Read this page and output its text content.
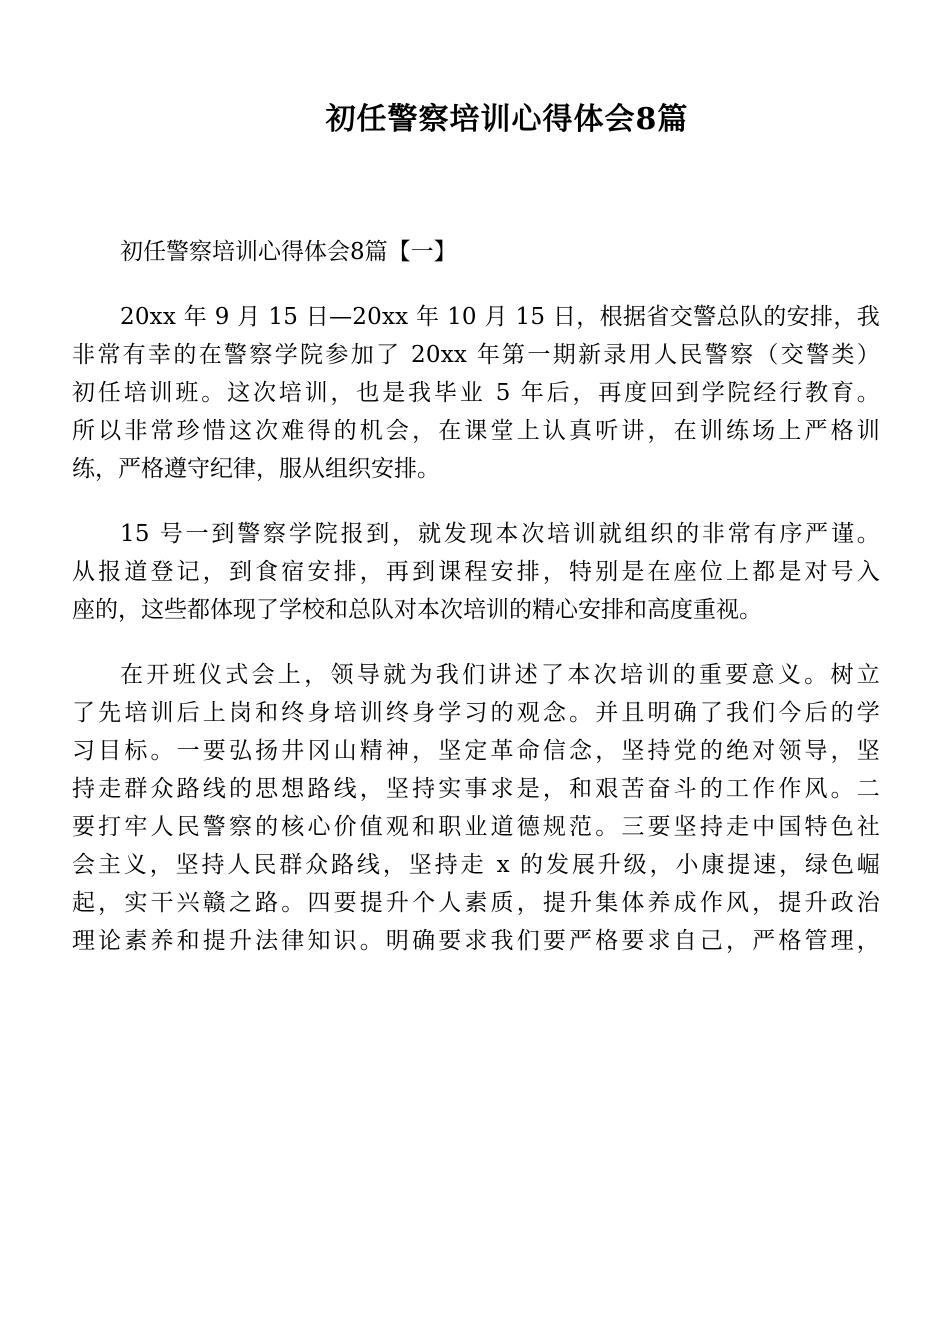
初任警察培训心得体会8篇
初任警察培训心得体会8篇【一】
20xx 年 9 月 15 日—20xx 年 10 月 15 日，根据省交警总队的安排，我
非常有幸的在警察学院参加了 20xx 年第一期新录用人民警察（交警类）
初任培训班。这次培训，也是我毕业 5 年后，再度回到学院经行教育。
所以非常珍惜这次难得的机会，在课堂上认真听讲，在训练场上严格训
练，严格遵守纪律，服从组织安排。
15 号一到警察学院报到，就发现本次培训就组织的非常有序严谨。
从报道登记，到食宿安排，再到课程安排，特别是在座位上都是对号入
座的，这些都体现了学校和总队对本次培训的精心安排和高度重视。
在开班仪式会上，领导就为我们讲述了本次培训的重要意义。树立
了先培训后上岗和终身培训终身学习的观念。并且明确了我们今后的学
习目标。一要弘扬井冈山精神，坚定革命信念，坚持党的绝对领导，坚
持走群众路线的思想路线，坚持实事求是，和艰苦奋斗的工作作风。二
要打牢人民警察的核心价值观和职业道德规范。三要坚持走中国特色社
会主义，坚持人民群众路线，坚持走 x 的发展升级，小康提速，绿色崛
起，实干兴赣之路。四要提升个人素质，提升集体养成作风，提升政治
理论素养和提升法律知识。明确要求我们要严格要求自己，严格管理，
